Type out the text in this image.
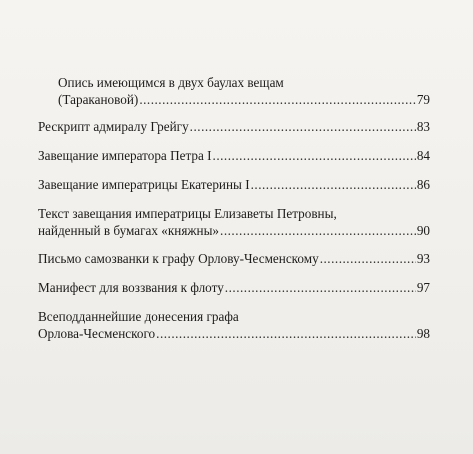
Опись имеющимся в двух баулах вещам
(Таракановой) .....	79
Рескрипт адмиралу Грейгу .....	83
Завещание императора Петра I .....	84
Завещание императрицы Екатерины I .....	86
Текст завещания императрицы Елизаветы Петровны,
найденный в бумагах «княжны» .....	90
Письмо самозванки к графу Орлову-Чесменскому .....	93
Манифест для воззвания к флоту .....	97
Всеподданнейшие донесения графа
Орлова-Чесменского .....	98
